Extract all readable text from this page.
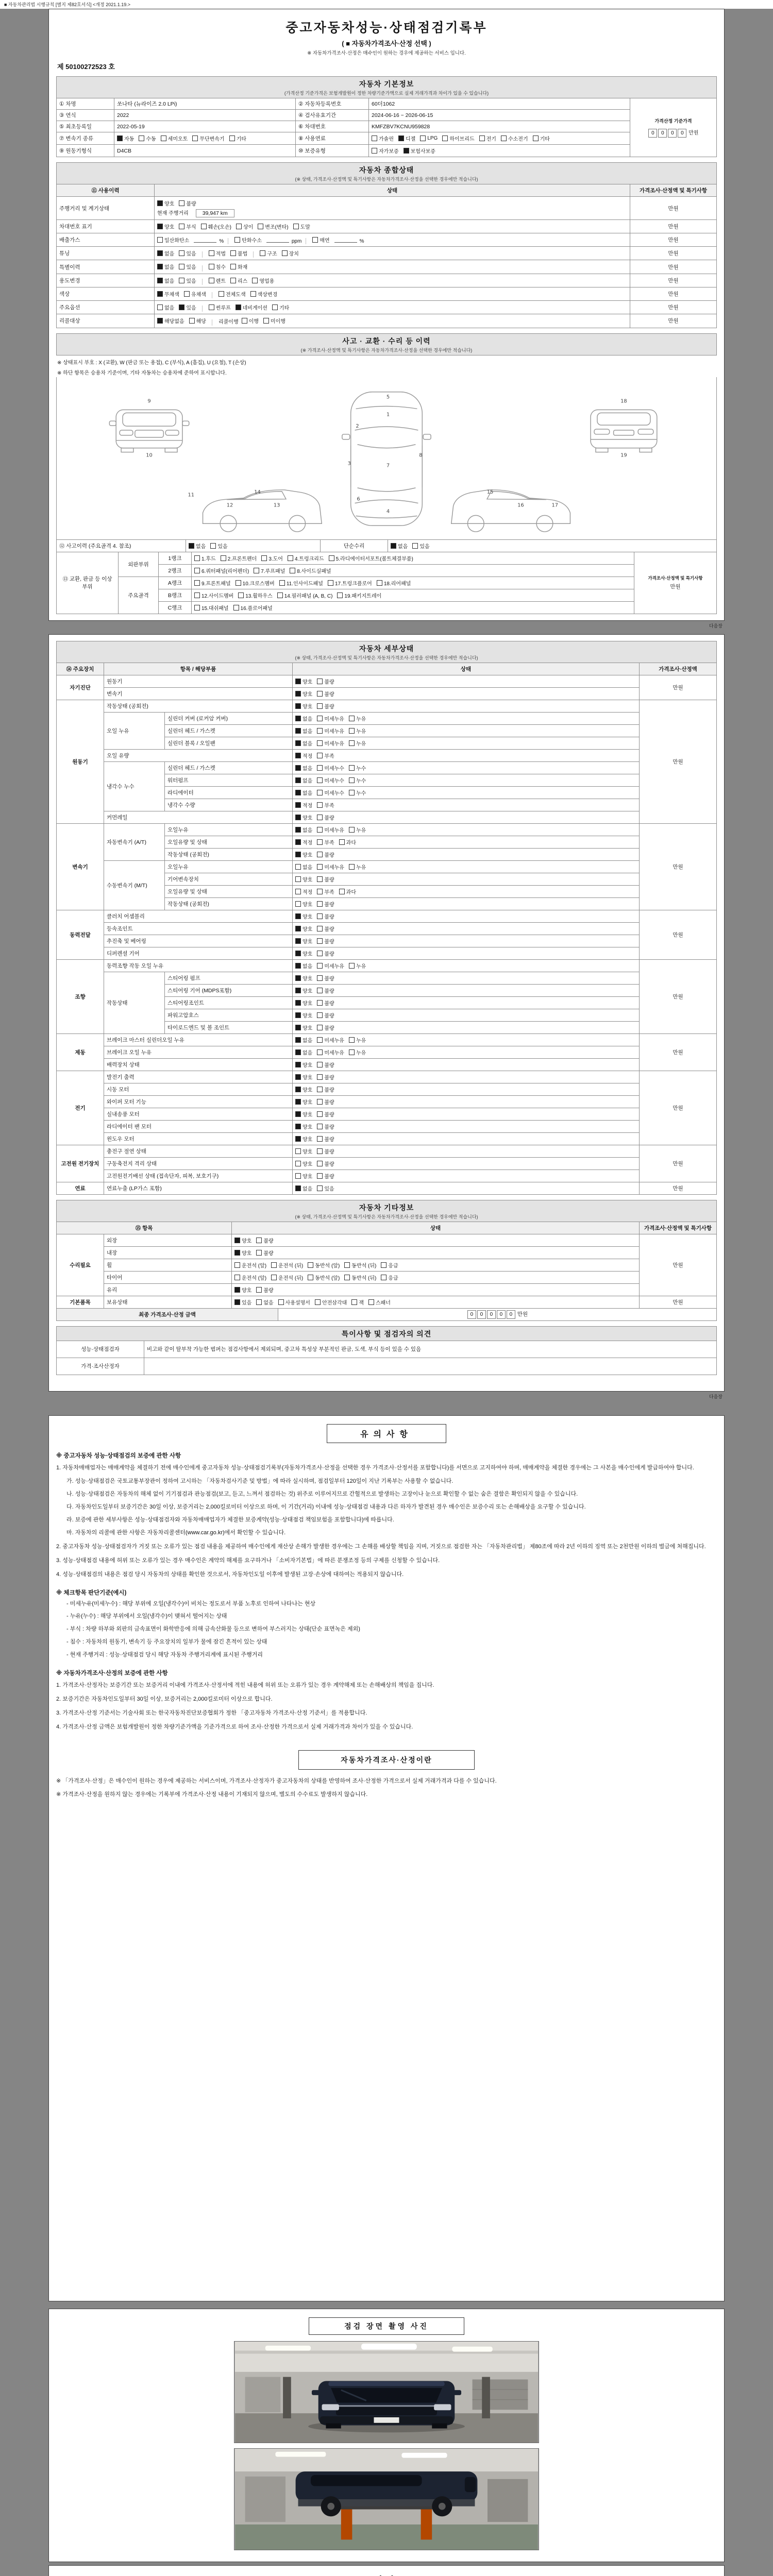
■ 자동차관리법 시행규칙 [별지 제82호서식] <개정 2021.1.19.>
중고자동차성능·상태점검기록부
( ■ 자동차가격조사·산정 선택 )
※ 자동차가격조사·산정은 매수인이 원하는 경우에 제공하는 서비스 입니다.
제 50100272523 호
자동차 기본정보
(가격산정 기준가격은 보험개발원이 정한 차량기준가액으로 실제 거래가격과 차이가 있을 수 있습니다)
① 차명	쏘나타 (뉴라이즈 2.0 LPi)	② 자동차등록번호	60더1062	가격산정 기준가격
0 0 0 0 만원

③ 연식	2022	④ 검사유효기간	2024-06-16 ~ 2026-06-15	
⑤ 최초등록일	2022-05-19	⑥ 차대번호	KMFZBV7KCNU959828	
⑦ 변속기 종류	자동 수동 세미오토 무단변속기 기타	⑧ 사용연료	가솔린 디젤 LPG 하이브리드 전기 수소전기 기타

⑨ 원동기형식	D4CB	⑩ 보증유형	자가보증 보험사보증	
자동차 종합상태
(※ 상태, 가격조사·산정액 및 특기사항은 자동차가격조사·산정을 선택한 경우에만 적습니다)
⑪ 사용이력	상태	가격조사·산정액 및 특기사항
주행거리 및 계기상태	양호 불량
현재 주행거리 39,947 km	만원
차대번호 표기	양호 부식 훼손(오손) 상이 변조(변타) 도말	만원
배출가스	일산화탄소	%	탄화수소	ppm	매연	%	만원
튜닝	없음 있음	적법 불법	구조 장치	만원
특별이력	없음 있음 침수 화재	만원
용도변경	없음 있음 렌트 리스 영업용	만원
색상	무채색 유채색 전체도색 색상변경	만원
주요옵션	없음 있음 썬루프 네비게이션 기타	만원
리콜대상	해당없음 해당 리콜이행 이행 미이행	만원
사고 · 교환 · 수리 등 이력
(※ 가격조사·산정액 및 특기사항은 자동차가격조사·산정을 선택한 경우에만 적습니다)
※ 상태표시 부호 : X (교환), W (판금 또는 용접), C (부식), A (흠집), U (요철), T (손상)
※ 하단 항목은 승용차 기준이며, 기타 자동차는 승용차에 준하여 표시합니다.
1
2
5
7
3
4
6
8
9
10
11
12	13
14	15
16	17
18
19
⑫ 사고이력 (주요골격 4. 참조)	없음 있음	단순수리	없음 있음
⑬ 교환, 판금 등 이상 부위	외판부위	1랭크	1.후드 2.프론트펜더 3.도어 4.트렁크리드 5.라디에이터서포트(볼트체결부품)

가격조사·산정액 및 특기사항
만원

		2랭크	6.쿼터패널(리어펜더) 7.루프패널 8.사이드실패널	

	주요골격	A랭크	9.프론트패널 10.크로스멤버 11.인사이드패널 17.트렁크플로어 18.리어패널	

		B랭크	12.사이드멤버 13.휠하우스 14.필러패널 (A, B, C) 19.패키지트레이	

		C랭크	15.대쉬패널 16.플로어패널	
다음장
자동차 세부상태
(※ 상태, 가격조사·산정액 및 특기사항은 자동차가격조사·산정을 선택한 경우에만 적습니다)
⑭ 주요장치	항목 / 해당부품		상태	가격조사·산정액
자기진단	원동기		양호 불량	만원
	변속기		양호 불량	

원동기	작동상태 (공회전)		양호 불량	만원
	오일 누유	실린더 커버 (로커암 커버)	없음 미세누유 누유	

		실린더 헤드 / 가스켓	없음 미세누유 누유	

		실린더 블록 / 오일팬	없음 미세누유 누유	

	오일 유량		적정 부족	

	냉각수 누수	실린더 헤드 / 가스켓	없음 미세누수 누수	

		워터펌프	없음 미세누수 누수	

		라디에이터	없음 미세누수 누수	

		냉각수 수량	적정 부족	

	커먼레일		양호 불량	

변속기	자동변속기 (A/T)	오일누유	없음 미세누유 누유	만원
		오일유량 및 상태	적정 부족 과다	

		작동상태 (공회전)	양호 불량	

	수동변속기 (M/T)	오일누유	없음 미세누유 누유	

		기어변속장치	양호 불량	

		오일유량 및 상태	적정 부족 과다	

		작동상태 (공회전)	양호 불량	

동력전달	클러치 어셈블리		양호 불량	만원
	등속조인트		양호 불량	

	추진축 및 베어링		양호 불량	

	디퍼렌셜 기어		양호 불량	

조향	동력조향 작동 오일 누유		없음 미세누유 누유	만원
	작동상태	스티어링 펌프	양호 불량	

		스티어링 기어 (MDPS포함)	양호 불량	

		스티어링조인트	양호 불량	

		파워고압호스	양호 불량	

		타이로드엔드 및 볼 조인트	양호 불량	

제동	브레이크 마스터 실린더오일 누유		없음 미세누유 누유	만원
	브레이크 오일 누유		없음 미세누유 누유	

	배력장치 상태		양호 불량	

전기	발전기 출력		양호 불량	만원
	시동 모터		양호 불량	

	와이퍼 모터 기능		양호 불량	

	실내송풍 모터		양호 불량	

	라디에이터 팬 모터		양호 불량	

	윈도우 모터		양호 불량	

고전원 전기장치	충전구 절연 상태		양호 불량	만원
	구동축전지 격리 상태		양호 불량	

	고전원전기배선 상태 (접속단자, 피복, 보호기구)		양호 불량	

연료	연료누출 (LP가스 포함)		없음 있음	만원
자동차 기타정보
(※ 상태, 가격조사·산정액 및 특기사항은 자동차가격조사·산정을 선택한 경우에만 적습니다)
⑮ 항목		상태	가격조사·산정액 및 특기사항
수리필요	외장	양호 불량	만원
	내장	양호 불량	

	휠	운전석 (앞) 운전석 (뒤) 동반석 (앞) 동반석 (뒤) 응급	

	타이어	운전석 (앞) 운전석 (뒤) 동반석 (앞) 동반석 (뒤) 응급	

	유리	양호 불량	

기본품목	보유상태	있음 없음 사용설명서 안전삼각대 잭 스패너	만원
최종 가격조사·산정 금액	0 0 0 0 0 만원
특이사항 및 점검자의 의견
성능·상태점검자	비고와 같이 탈부착 가능한 범퍼는 점검사항에서 제외되며, 중고차 특성상 부분적인 판금, 도색, 부식 등이 있을 수 있음
가격·조사산정자	
다음장
유의사항
※ 중고자동차 성능·상태점검의 보증에 관한 사항
1. 자동차매매업자는 매매계약을 체결하기 전에 매수인에게 중고자동차 성능·상태점검기록부(자동차가격조사·산정을 선택한 경우 가격조사·산정서를 포함합니다)를 서면으로 고지하여야 하며, 매매계약을 체결한 경우에는 그 사본을 매수인에게 발급하여야 합니다.
가. 성능·상태점검은 국토교통부장관이 정하여 고시하는 「자동차검사기준 및 방법」에 따라 실시하며, 점검일부터 120일이 지난 기록부는 사용할 수 없습니다.
나. 성능·상태점검은 자동차의 해체 없이 기기점검과 관능점검(보고, 듣고, 느껴서 점검하는 것) 위주로 이루어지므로 간헐적으로 발생하는 고장이나 눈으로 확인할 수 없는 숨은 결함은 확인되지 않을 수 있습니다.
다. 자동차인도일부터 보증기간은 30일 이상, 보증거리는 2,000킬로미터 이상으로 하며, 이 기간(거리) 이내에 성능·상태점검 내용과 다른 하자가 발견된 경우 매수인은 보증수리 또는 손해배상을 요구할 수 있습니다.
라. 보증에 관한 세부사항은 성능·상태점검자와 자동차매매업자가 체결한 보증계약(성능·상태점검 책임보험을 포함합니다)에 따릅니다.
마. 자동차의 리콜에 관한 사항은 자동차리콜센터(www.car.go.kr)에서 확인할 수 있습니다.
2. 중고자동차 성능·상태점검자가 거짓 또는 오류가 있는 점검 내용을 제공하여 매수인에게 재산상 손해가 발생한 경우에는 그 손해를 배상할 책임을 지며, 거짓으로 점검한 자는 「자동차관리법」 제80조에 따라 2년 이하의 징역 또는 2천만원 이하의 벌금에 처해집니다.
3. 성능·상태점검 내용에 허위 또는 오류가 있는 경우 매수인은 계약의 해제를 요구하거나 「소비자기본법」에 따른 분쟁조정 등의 구제를 신청할 수 있습니다.
4. 성능·상태점검의 내용은 점검 당시 자동차의 상태를 확인한 것으로서, 자동차인도일 이후에 발생된 고장·손상에 대하여는 적용되지 않습니다.
※ 체크항목 판단기준(예시)
- 미세누유(미세누수) : 해당 부위에 오일(냉각수)이 비치는 정도로서 부품 노후로 인하여 나타나는 현상
- 누유(누수) : 해당 부위에서 오일(냉각수)이 맺혀서 떨어지는 상태
- 부식 : 차량 하부와 외판의 금속표면이 화학반응에 의해 금속산화물 등으로 변하여 부스러지는 상태(단순 표면녹은 제외)
- 침수 : 자동차의 원동기, 변속기 등 주요장치의 일부가 물에 잠긴 흔적이 있는 상태
- 현재 주행거리 : 성능·상태점검 당시 해당 자동차 주행거리계에 표시된 주행거리
※ 자동차가격조사·산정의 보증에 관한 사항
1. 가격조사·산정자는 보증기간 또는 보증거리 이내에 가격조사·산정서에 적힌 내용에 허위 또는 오류가 있는 경우 계약해제 또는 손해배상의 책임을 집니다.
2. 보증기간은 자동차인도일부터 30일 이상, 보증거리는 2,000킬로미터 이상으로 합니다.
3. 가격조사·산정 기준서는 기술사회 또는 한국자동차진단보증협회가 정한 「중고자동차 가격조사·산정 기준서」를 적용합니다.
4. 가격조사·산정 금액은 보험개발원이 정한 차량기준가액을 기준가격으로 하여 조사·산정한 가격으로서 실제 거래가격과 차이가 있을 수 있습니다.
자동차가격조사·산정이란
※ 「가격조사·산정」은 매수인이 원하는 경우에 제공하는 서비스이며, 가격조사·산정자가 중고자동차의 상태를 반영하여 조사·산정한 가격으로서 실제 거래가격과 다를 수 있습니다.
※ 가격조사·산정을 원하지 않는 경우에는 기록부에 가격조사·산정 내용이 기재되지 않으며, 별도의 수수료도 발생하지 않습니다.
점검 장면 촬영 사진
